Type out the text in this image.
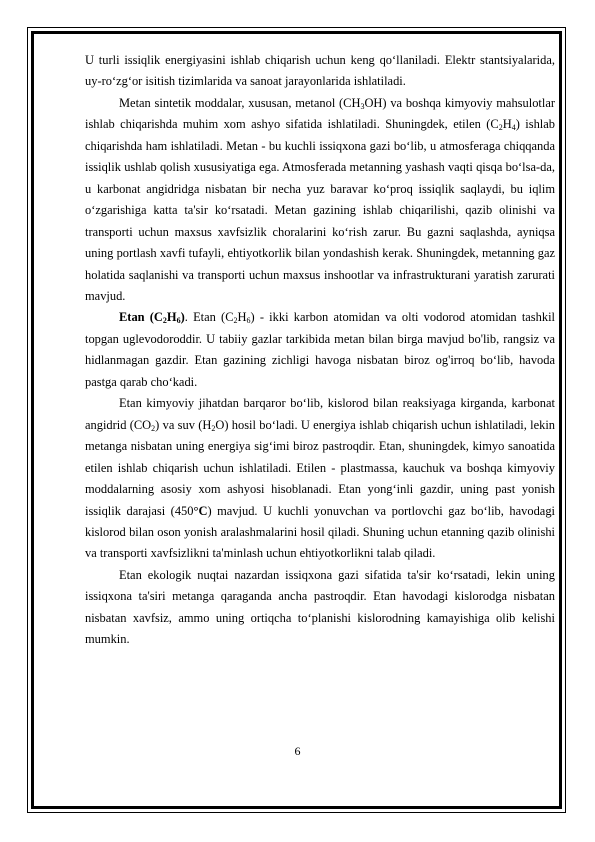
U turli issiqlik energiyasini ishlab chiqarish uchun keng qo‘llaniladi. Elektr stantsiyalarida, uy-ro‘zg‘or isitish tizimlarida va sanoat jarayonlarida ishlatiladi.

Metan sintetik moddalar, xususan, metanol $(CH_3OH)$ va boshqa kimyoviy mahsulotlar ishlab chiqarishda muhim xom ashyo sifatida ishlatiladi. Shuningdek, etilen $(C_2H_4)$ ishlab chiqarishda ham ishlatiladi. Metan - bu kuchli issiqxona gazi bo‘lib, u atmosferaga chiqqanda issiqlik ushlab qolish xususiyatiga ega. Atmosferada metanning yashash vaqti qisqa bo‘lsa-da, u karbonat angidridga nisbatan bir necha yuz baravar ko‘proq issiqlik saqlaydi, bu iqlim o‘zgarishiga katta ta'sir ko‘rsatadi. Metan gazining ishlab chiqarilishi, qazib olinishi va transporti uchun maxsus xavfsizlik choralarini ko‘rish zarur. Bu gazni saqlashda, ayniqsa uning portlash xavfi tufayli, ehtiyotkorlik bilan yondashish kerak. Shuningdek, metanning gaz holatida saqlanishi va transporti uchun maxsus inshootlar va infrastrukturani yaratish zarurati mavjud.

Etan $(C_2H_6)$. Etan $(C_2H_6)$ - ikki karbon atomidan va olti vodorod atomidan tashkil topgan uglevodoroddir. U tabiiy gazlar tarkibida metan bilan birga mavjud bo'lib, rangsiz va hidlanmagan gazdir. Etan gazining zichligi havoga nisbatan biroz og'irroq bo‘lib, havoda pastga qarab cho‘kadi.

Etan kimyoviy jihatdan barqaror bo‘lib, kislorod bilan reaksiyaga kirganda, karbonat angidrid $(CO_2)$ va suv $(H_2O)$ hosil bo‘ladi. U energiya ishlab chiqarish uchun ishlatiladi, lekin metanga nisbatan uning energiya sig‘imi biroz pastroqdir. Etan, shuningdek, kimyo sanoatida etilen ishlab chiqarish uchun ishlatiladi. Etilen - plastmassa, kauchuk va boshqa kimyoviy moddalarning asosiy xom ashyosi hisoblanadi. Etan yong‘inli gazdir, uning past yonish issiqlik darajasi (450°C) mavjud. U kuchli yonuvchan va portlovchi gaz bo‘lib, havodagi kislorod bilan oson yonish aralashmalarini hosil qiladi. Shuning uchun etanning qazib olinishi va transporti xavfsizlikni ta'minlash uchun ehtiyotkorlikni talab qiladi.

Etan ekologik nuqtai nazardan issiqxona gazi sifatida ta'sir ko‘rsatadi, lekin uning issiqxona ta'siri metanga qaraganda ancha pastroqdir. Etan havodagi kislorodga nisbatan nisbatan xavfsiz, ammo uning ortiqcha to‘planishi kislorodning kamayishiga olib kelishi mumkin.

6
